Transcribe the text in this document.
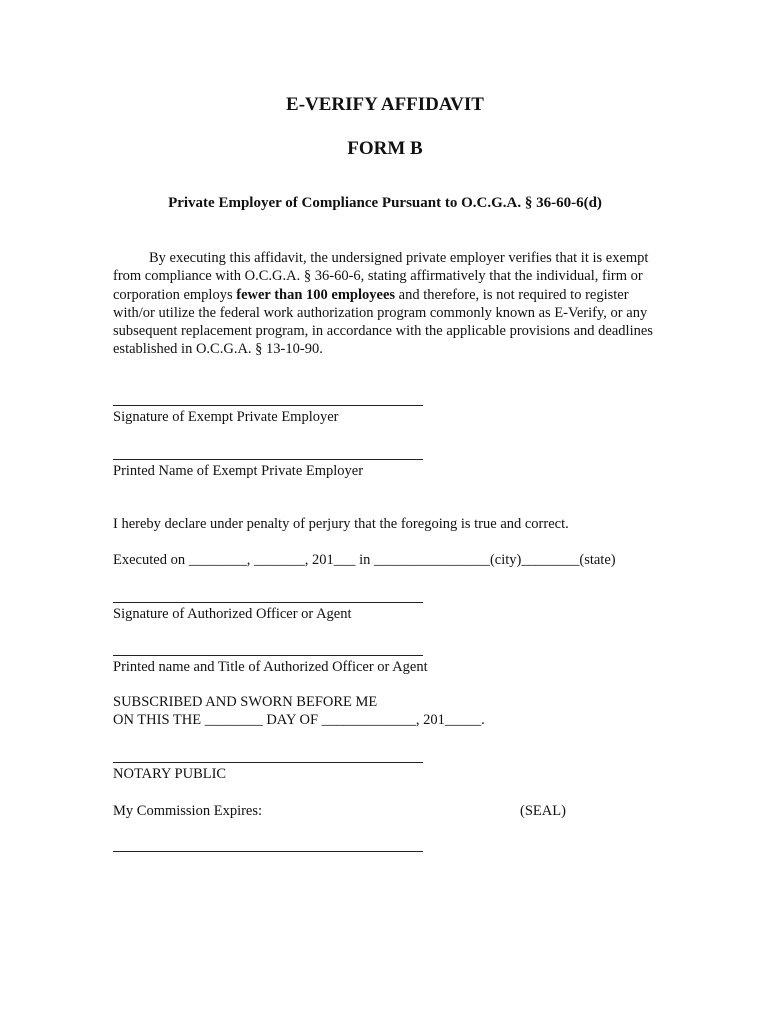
E-VERIFY AFFIDAVIT
FORM B
Private Employer of Compliance Pursuant to O.C.G.A. § 36-60-6(d)
By executing this affidavit, the undersigned private employer verifies that it is exempt from compliance with O.C.G.A. § 36-60-6, stating affirmatively that the individual, firm or corporation employs fewer than 100 employees and therefore, is not required to register with/or utilize the federal work authorization program commonly known as E-Verify, or any subsequent replacement program, in accordance with the applicable provisions and deadlines established in O.C.G.A. § 13-10-90.
Signature of Exempt Private Employer
Printed Name of Exempt Private Employer
I hereby declare under penalty of perjury that the foregoing is true and correct.
Executed on ________, _______, 201___ in ________________(city)________(state)
Signature of Authorized Officer or Agent
Printed name and Title of Authorized Officer or Agent
SUBSCRIBED AND SWORN BEFORE ME
ON THIS THE ________ DAY OF _____________, 201_____.
NOTARY PUBLIC
My Commission Expires:	(SEAL)
